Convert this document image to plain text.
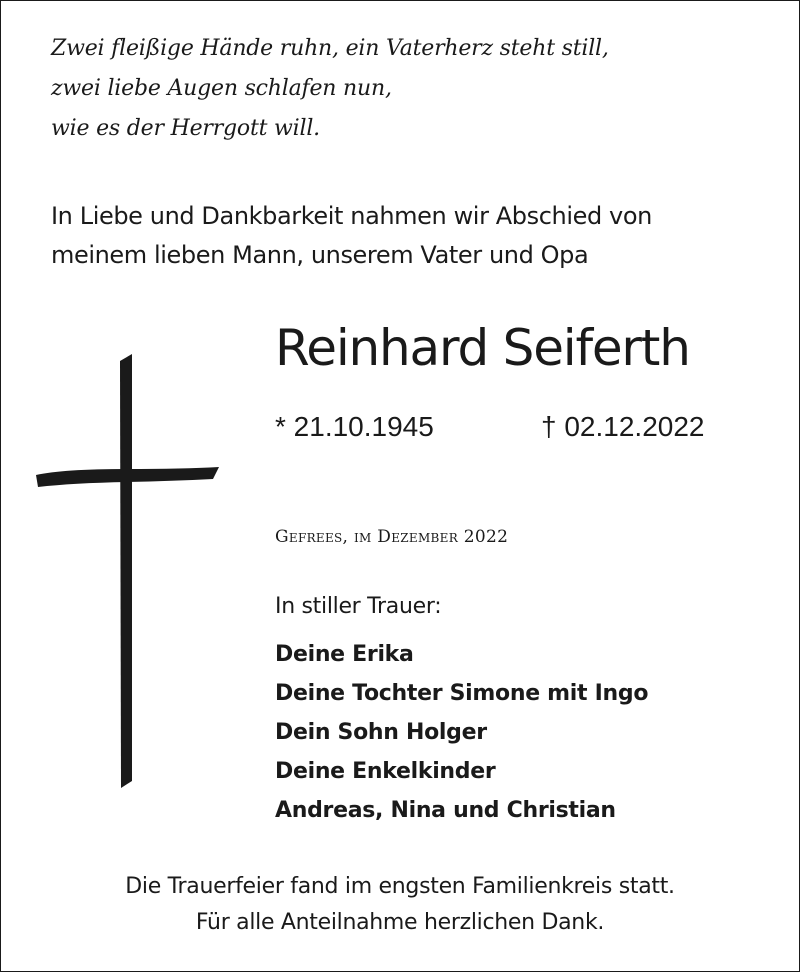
Zwei fleißige Hände ruhn, ein Vaterherz steht still,
zwei liebe Augen schlafen nun,
wie es der Herrgott will.
In Liebe und Dankbarkeit nahmen wir Abschied von
meinem lieben Mann, unserem Vater und Opa
Reinhard Seiferth
* 21.10.1945	† 02.12.2022
Gefrees, im Dezember 2022
In stiller Trauer:
Deine Erika
Deine Tochter Simone mit Ingo
Dein Sohn Holger
Deine Enkelkinder
Andreas, Nina und Christian
Die Trauerfeier fand im engsten Familienkreis statt.
Für alle Anteilnahme herzlichen Dank.
